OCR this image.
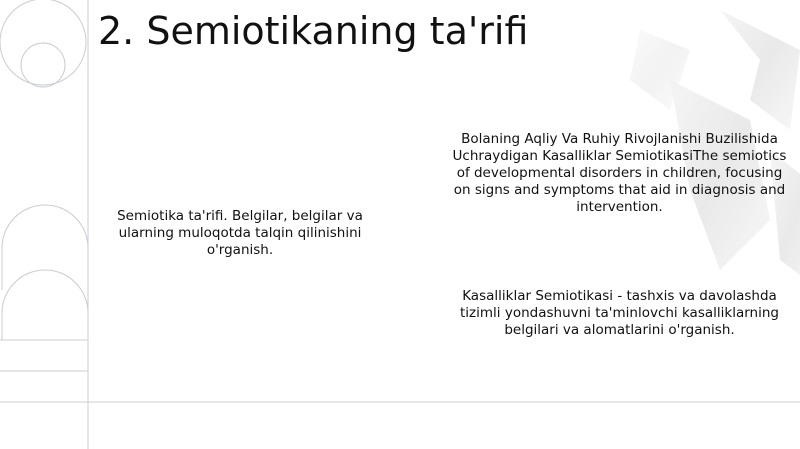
2. Semiotikaning ta'rifi

Semiotika ta'rifi. Belgilar, belgilar va ularning muloqotda talqin qilinishini o'rganish.

Bolaning Aqliy Va Ruhiy Rivojlanishi Buzilishida Uchraydigan Kasalliklar SemiotikasiThe semiotics of developmental disorders in children, focusing on signs and symptoms that aid in diagnosis and intervention.

Kasalliklar Semiotikasi - tashxis va davolashda tizimli yondashuvni ta'minlovchi kasalliklarning belgilari va alomatlarini o'rganish.
